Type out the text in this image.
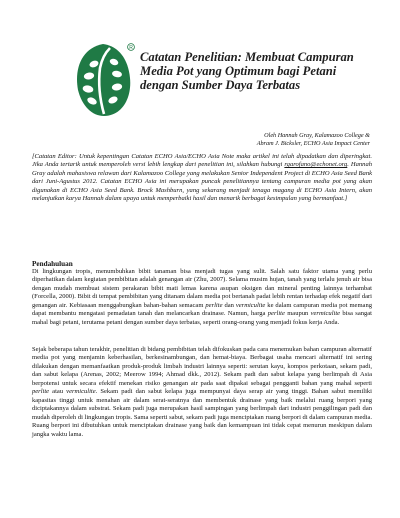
R
Catatan Penelitian: Membuat Campuran Media Pot yang Optimum bagi Petani dengan Sumber Daya Terbatas
Oleh Hannah Gray, Kalamazoo College &
Abram J. Bicksler, ECHO Asia Impact Center
[Catatan Editor: Untuk kepentingan Catatan ECHO Asia/ECHO Asia Note maka artikel ini telah dipadatkan dan diperingkat. Jika Anda tertarik untuk memperoleh versi lebih lengkap dari penelitian ini, silahkan hubungi rgarofano@echonet.org. Hannah Gray adalah mahasiswa relawan dari Kalamazoo College yang melakukan Senior Independent Project di ECHO Asia Seed Bank dari Juni-Agustus 2012. Catatan ECHO Asia ini merupakan puncak penelitiannya tentang campuran media pot yang akan digunakan di ECHO Asia Seed Bank. Brock Mashburn, yang sekarang menjadi tenaga magang di ECHO Asia Intern, akan melanjutkan karya Hannah dalam upaya untuk memperbaiki hasil dan menarik berbagai kesimpulan yang bermanfaat.]
Pendahuluan
Di lingkungan tropis, menumbuhkan bibit tanaman bisa menjadi tugas yang sulit. Salah satu faktor utama yang perlu diperhatikan dalam kegiatan pembibitan adalah genangan air (Zhu, 2007). Selama musim hujan, tanah yang terlalu jenuh air bisa dengan mudah membuat sistem perakaran bibit mati lemas karena asupan oksigen dan mineral penting lainnya terhambat (Forcella, 2000). Bibit di tempat pembibitan yang ditanam dalam media pot bertanah padat lebih rentan terhadap efek negatif dari genangan air. Kebiasaan menggabungkan bahan-bahan semacam perlite dan vermiculite ke dalam campuran media pot memang dapat membantu mengatasi pemadatan tanah dan melancarkan drainase. Namun, harga perlite maupun vermiculite bisa sangat mahal bagi petani, terutama petani dengan sumber daya terbatas, seperti orang-orang yang menjadi fokus kerja Anda.
Sejak beberapa tahun terakhir, penelitian di bidang pembibitan telah difokuskan pada cara menemukan bahan campuran alternatif media pot yang menjamin keberhasilan, berkesinambungan, dan hemat-biaya. Berbagai usaha mencari alternatif ini sering dilakukan dengan memanfaatkan produk-produk limbah industri lainnya seperti: serutan kayu, kompos perkotaan, sekam padi, dan sabut kelapa (Arenas, 2002; Meerow 1994; Ahmad dkk., 2012). Sekam padi dan sabut kelapa yang berlimpah di Asia berpotensi untuk secara efektif menekan risiko genangan air pada saat dipakai sebagai pengganti bahan yang mahal seperti perlite atau vermiculite. Sekam padi dan sabut kelapa juga mempunyai daya serap air yang tinggi. Bahan sabut memiliki kapasitas tinggi untuk menahan air dalam serat-seratnya dan membentuk drainase yang baik melalui ruang berpori yang diciptakannya dalam substrat. Sekam padi juga merupakan hasil sampingan yang berlimpah dari industri penggilingan padi dan mudah diperoleh di lingkungan tropis. Sama seperti sabut, sekam padi juga menciptakan ruang berpori di dalam campuran media. Ruang berpori ini dibutuhkan untuk menciptakan drainase yang baik dan kemampuan ini tidak cepat menurun meskipun dalam jangka waktu lama.
